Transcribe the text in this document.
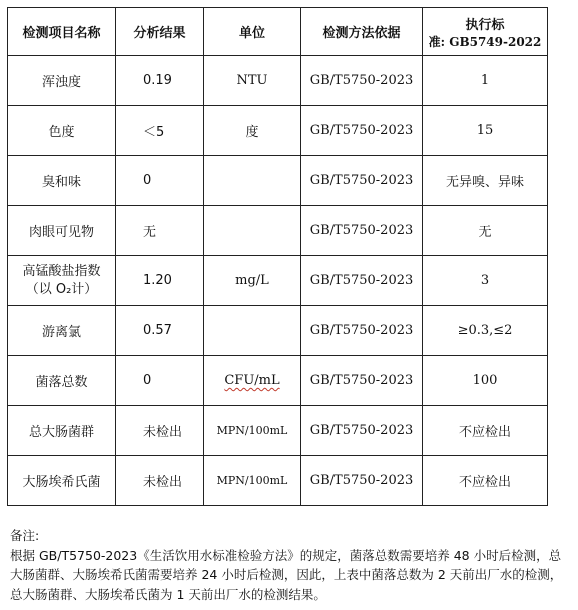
检测项目名称	分析结果	单位	检测方法依据	执行标
准: GB5749-2022

浑浊度	0.19	NTU	GB/T5750-2023	1
色度	＜5	度	GB/T5750-2023	15
臭和味	0		GB/T5750-2023	无异嗅、异味
肉眼可见物	无		GB/T5750-2023	无

高锰酸盐指数
（以 O₂计）	1.20	mg/L	GB/T5750-2023	3
游离氯	0.57		GB/T5750-2023	≥0.3,≤2
菌落总数	0	CFU/mL	GB/T5750-2023	100
总大肠菌群	未检出	MPN/100mL	GB/T5750-2023	不应检出
大肠埃希氏菌	未检出	MPN/100mL	GB/T5750-2023	不应检出
备注:
根据 GB/T5750-2023《生活饮用水标准检验方法》的规定，菌落总数需要培养 48 小时后检测，总大肠菌群、大肠埃希氏菌需要培养 24 小时后检测，因此，上表中菌落总数为 2 天前出厂水的检测，总大肠菌群、大肠埃希氏菌为 1 天前出厂水的检测结果。
